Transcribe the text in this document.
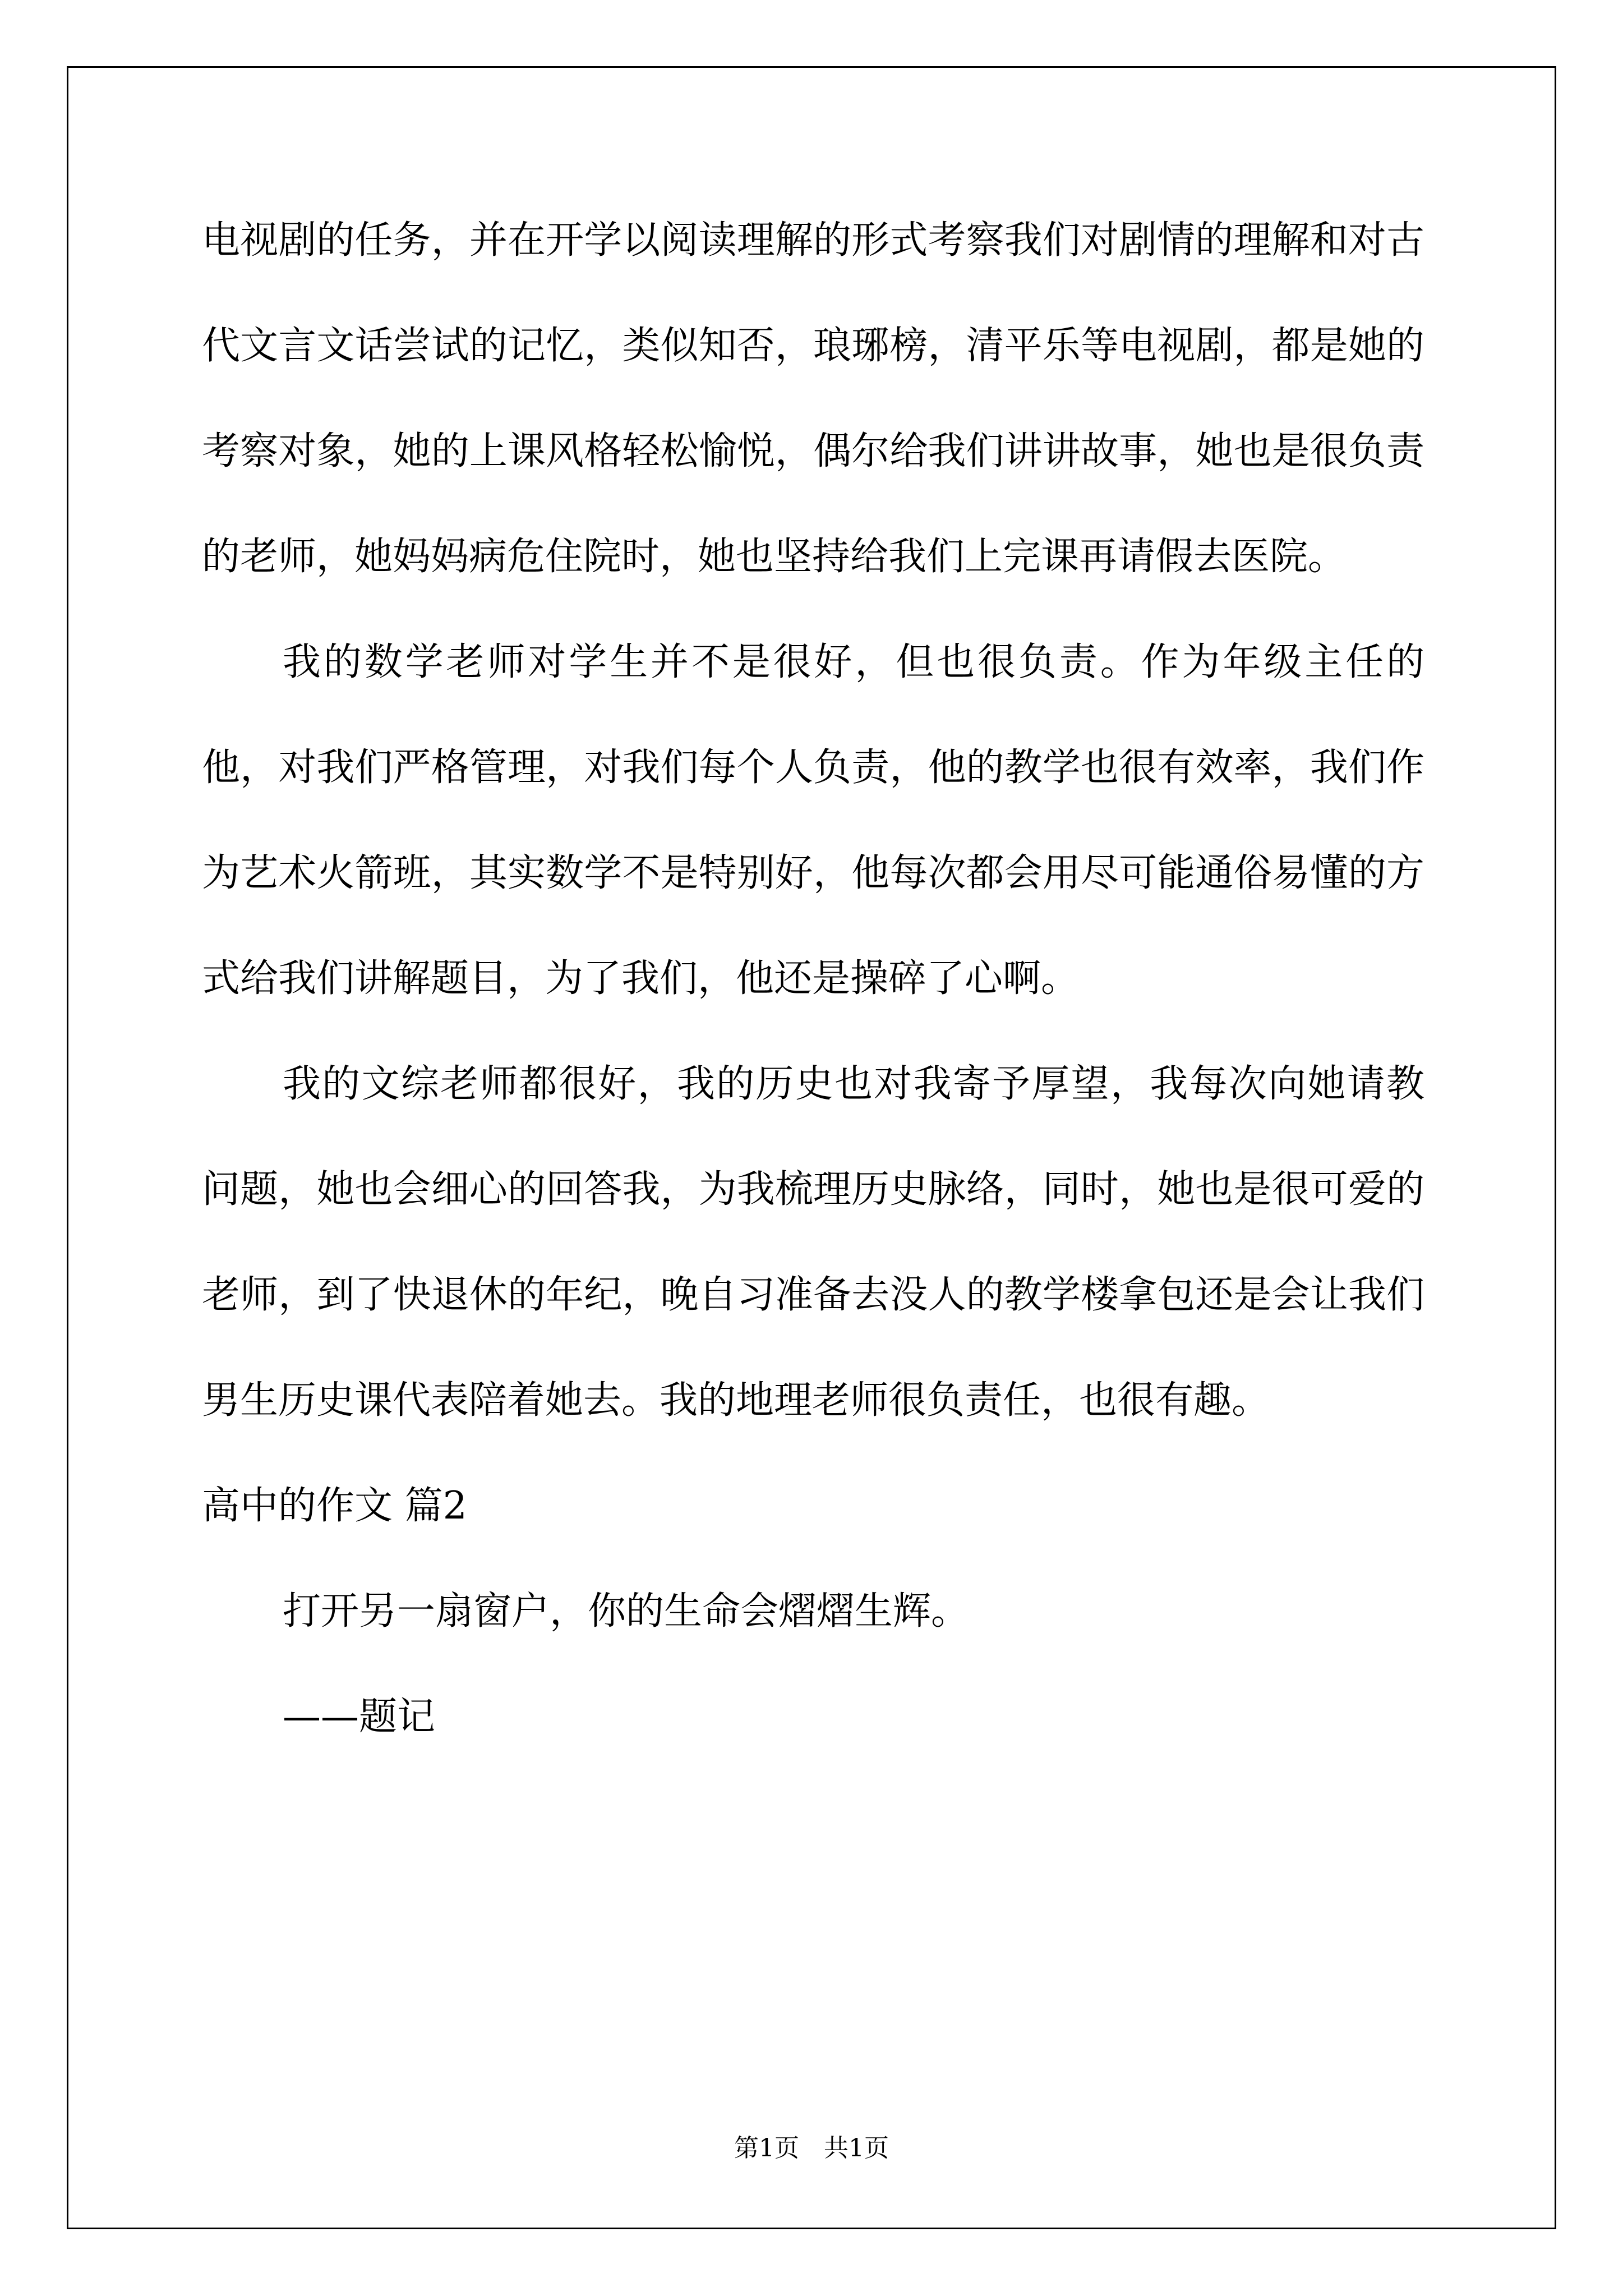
电视剧的任务，并在开学以阅读理解的形式考察我们对剧情的理解和对古代文言文话尝试的记忆，类似知否，琅琊榜，清平乐等电视剧，都是她的考察对象，她的上课风格轻松愉悦，偶尔给我们讲讲故事，她也是很负责的老师，她妈妈病危住院时，她也坚持给我们上完课再请假去医院。

我的数学老师对学生并不是很好，但也很负责。作为年级主任的他，对我们严格管理，对我们每个人负责，他的教学也很有效率，我们作为艺术火箭班，其实数学不是特别好，他每次都会用尽可能通俗易懂的方式给我们讲解题目，为了我们，他还是操碎了心啊。

我的文综老师都很好，我的历史也对我寄予厚望，我每次向她请教问题，她也会细心的回答我，为我梳理历史脉络，同时，她也是很可爱的老师，到了快退休的年纪，晚自习准备去没人的教学楼拿包还是会让我们男生历史课代表陪着她去。我的地理老师很负责任，也很有趣。

高中的作文 篇2

打开另一扇窗户，你的生命会熠熠生辉。

——题记

第1页 共1页
